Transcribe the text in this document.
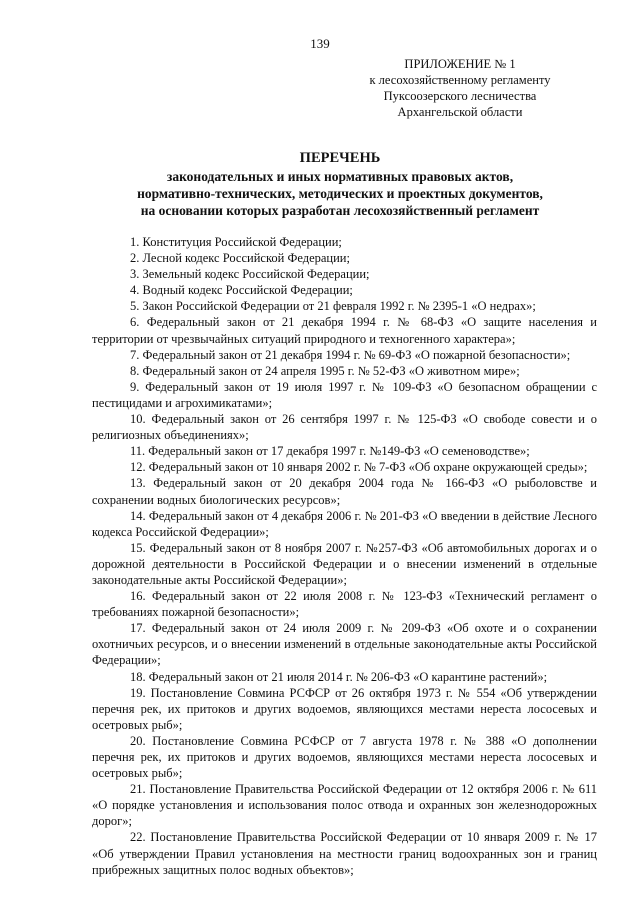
139
ПРИЛОЖЕНИЕ № 1
к лесохозяйственному регламенту
Пуксоозерского лесничества
Архангельской области
ПЕРЕЧЕНЬ
законодательных и иных нормативных правовых актов,
нормативно-технических, методических и проектных документов,
на основании которых разработан лесохозяйственный регламент

1. Конституция Российской Федерации;

2. Лесной кодекс Российской Федерации;

3. Земельный кодекс Российской Федерации;

4. Водный кодекс Российской Федерации;

5. Закон Российской Федерации от 21 февраля 1992 г. № 2395-1 «О недрах»;

6. Федеральный закон от 21 декабря 1994 г. № 68-ФЗ «О защите населения и территории от чрезвычайных ситуаций природного и техногенного характера»;

7. Федеральный закон от 21 декабря 1994 г. № 69-ФЗ «О пожарной безопасности»;

8. Федеральный закон от 24 апреля 1995 г. № 52-ФЗ «О животном мире»;

9. Федеральный закон от 19 июля 1997 г. № 109-ФЗ «О безопасном обращении с пестицидами и агрохимикатами»;

10. Федеральный закон от 26 сентября 1997 г. № 125-ФЗ «О свободе совести и о религиозных объединениях»;

11. Федеральный закон от 17 декабря 1997 г. №149-ФЗ «О семеноводстве»;

12. Федеральный закон от 10 января 2002 г. № 7-ФЗ «Об охране окружающей среды»;

13. Федеральный закон от 20 декабря 2004 года № 166-ФЗ «О рыболовстве и сохранении водных биологических ресурсов»;

14. Федеральный закон от 4 декабря 2006 г. № 201-ФЗ «О введении в действие Лесного кодекса Российской Федерации»;

15. Федеральный закон от 8 ноября 2007 г. №257-ФЗ «Об автомобильных дорогах и о дорожной деятельности в Российской Федерации и о внесении изменений в отдельные законодательные акты Российской Федерации»;

16. Федеральный закон от 22 июля 2008 г. № 123-ФЗ «Технический регламент о требованиях пожарной безопасности»;

17. Федеральный закон от 24 июля 2009 г. № 209-ФЗ «Об охоте и о сохранении охотничьих ресурсов, и о внесении изменений в отдельные законодательные акты Российской Федерации»;

18. Федеральный закон от 21 июля 2014 г. № 206-ФЗ «О карантине растений»;

19. Постановление Совмина РСФСР от 26 октября 1973 г. № 554 «Об утверждении перечня рек, их притоков и других водоемов, являющихся местами нереста лососевых и осетровых рыб»;

20. Постановление Совмина РСФСР от 7 августа 1978 г. № 388 «О дополнении перечня рек, их притоков и других водоемов, являющихся местами нереста лососевых и осетровых рыб»;

21. Постановление Правительства Российской Федерации от 12 октября 2006 г. № 611 «О порядке установления и использования полос отвода и охранных зон железнодорожных дорог»;

22. Постановление Правительства Российской Федерации от 10 января 2009 г. № 17 «Об утверждении Правил установления на местности границ водоохранных зон и границ прибрежных защитных полос водных объектов»;
